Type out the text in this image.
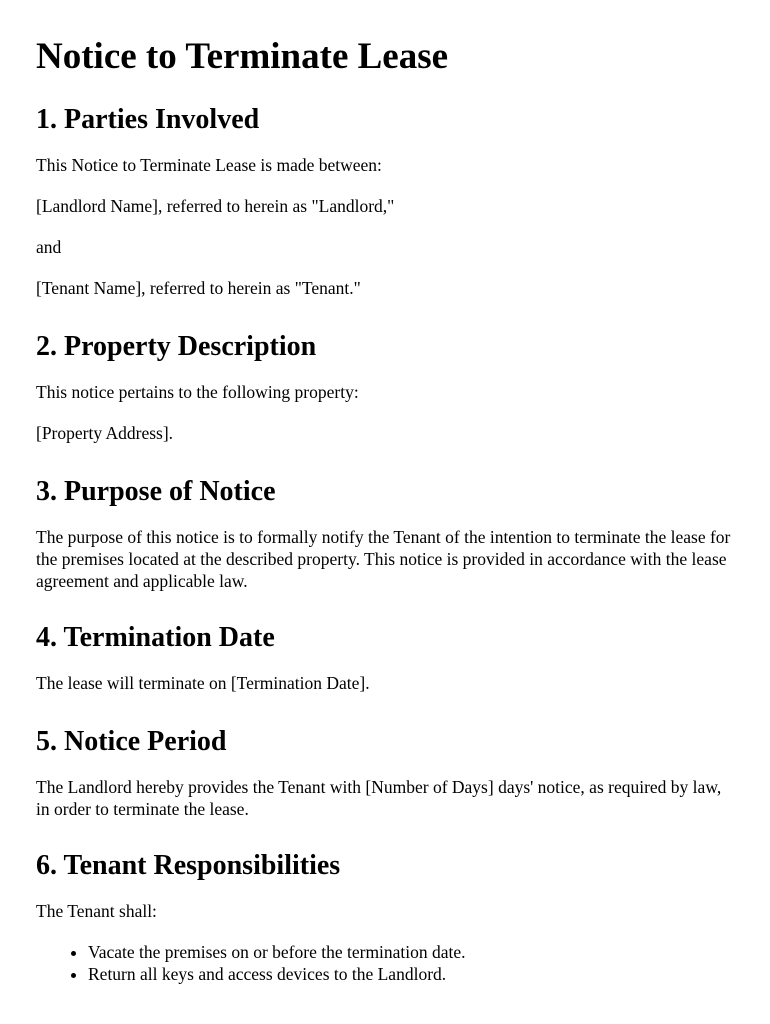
Notice to Terminate Lease
1. Parties Involved

This Notice to Terminate Lease is made between:

[Landlord Name], referred to herein as "Landlord,"

and

[Tenant Name], referred to herein as "Tenant."

2. Property Description

This notice pertains to the following property:

[Property Address].

3. Purpose of Notice

The purpose of this notice is to formally notify the Tenant of the intention to terminate the lease for the premises located at the described property. This notice is provided in accordance with the lease agreement and applicable law.

4. Termination Date

The lease will terminate on [Termination Date].

5. Notice Period

The Landlord hereby provides the Tenant with [Number of Days] days' notice, as required by law, in order to terminate the lease.

6. Tenant Responsibilities

The Tenant shall:

• Vacate the premises on or before the termination date.
• Return all keys and access devices to the Landlord.
